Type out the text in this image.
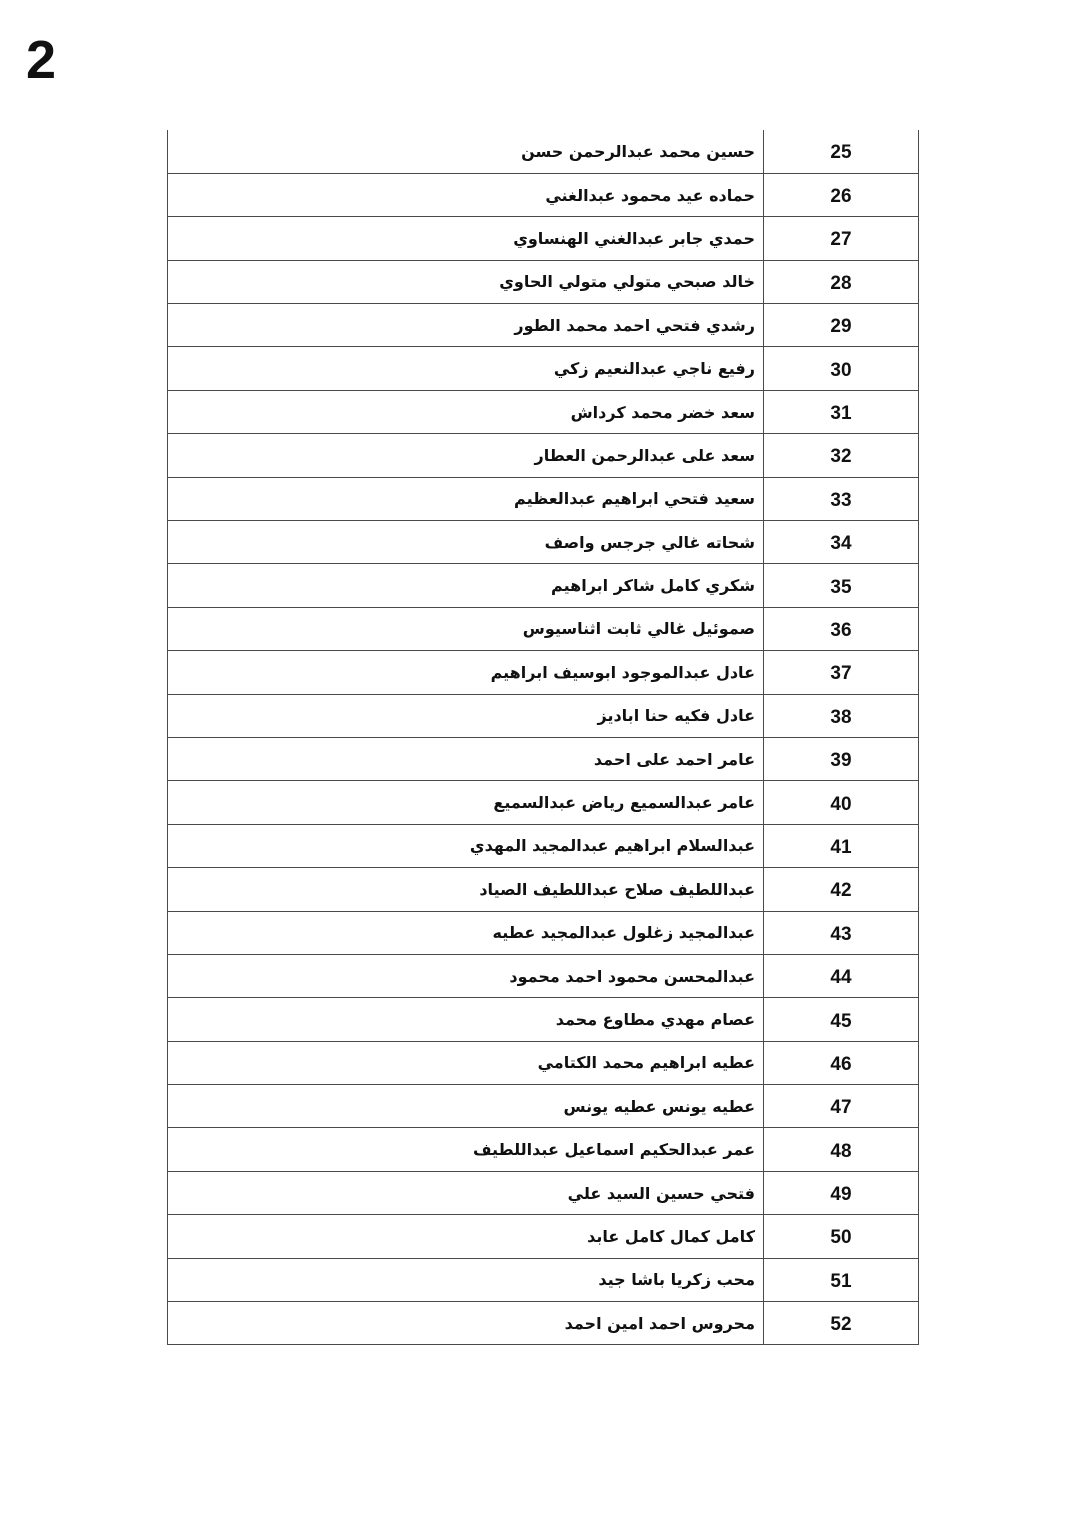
2
حسين محمد عبدالرحمن حسن	25
حماده عيد محمود عبدالغني	26
حمدي جابر عبدالغني الهنساوي	27
خالد صبحي متولي متولي الحاوي	28
رشدي فتحي احمد محمد الطور	29
رفيع ناجي عبدالنعيم زكي	30
سعد خضر محمد كرداش	31
سعد على عبدالرحمن العطار	32
سعيد فتحي ابراهيم عبدالعظيم	33
شحاته غالي جرجس واصف	34
شكري كامل شاكر ابراهيم	35
صموئيل غالي ثابت اثناسيوس	36
عادل عبدالموجود ابوسيف ابراهيم	37
عادل فكيه حنا اباديز	38
عامر احمد على احمد	39
عامر عبدالسميع رياض عبدالسميع	40
عبدالسلام ابراهيم عبدالمجيد المهدي	41
عبداللطيف صلاح عبداللطيف الصياد	42
عبدالمجيد زغلول عبدالمجيد عطيه	43
عبدالمحسن محمود احمد محمود	44
عصام مهدي مطاوع محمد	45
عطيه ابراهيم محمد الكتامي	46
عطيه يونس عطيه يونس	47
عمر عبدالحكيم اسماعيل عبداللطيف	48
فتحي حسين السيد علي	49
كامل كمال كامل عابد	50
محب زكريا باشا جيد	51
محروس احمد امين احمد	52
